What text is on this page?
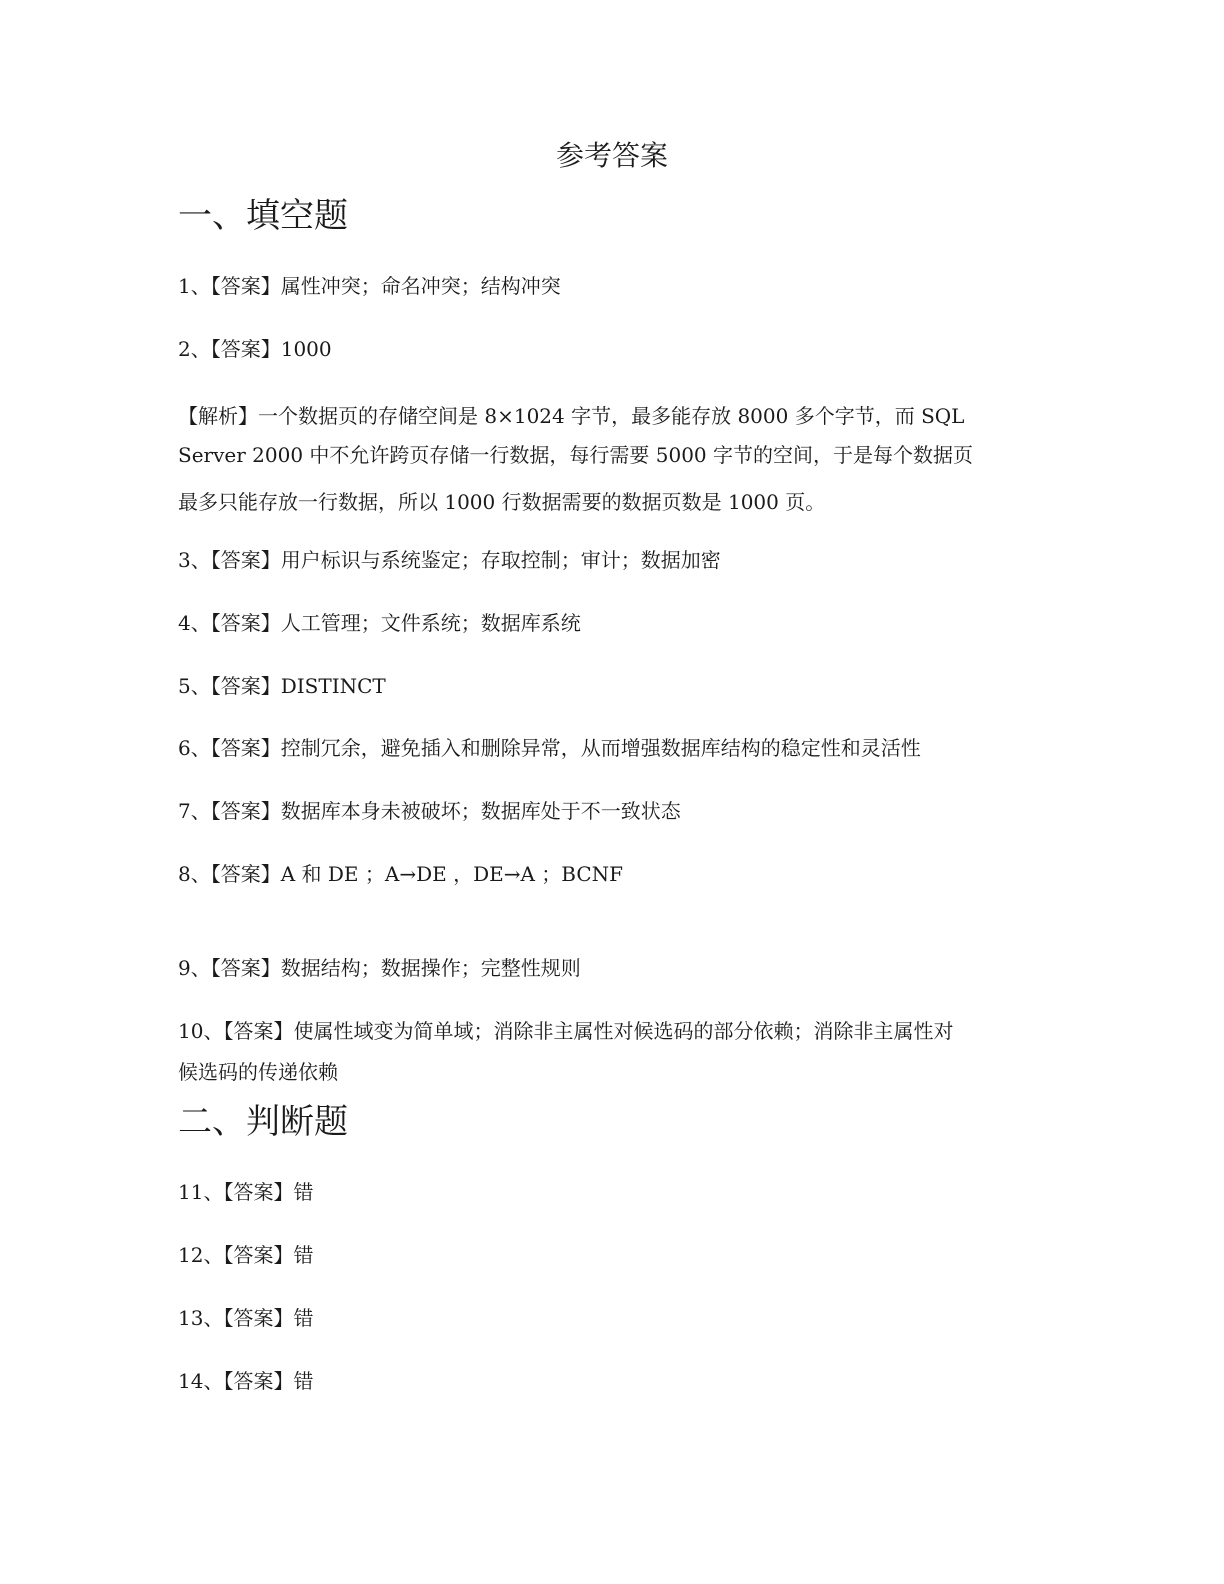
参考答案
一、填空题
1、【答案】属性冲突；命名冲突；结构冲突
2、【答案】1000
【解析】一个数据页的存储空间是 8×1024 字节，最多能存放 8000 多个字节，而 SQL
Server 2000 中不允许跨页存储一行数据，每行需要 5000 字节的空间，于是每个数据页
最多只能存放一行数据，所以 1000 行数据需要的数据页数是 1000 页。
3、【答案】用户标识与系统鉴定；存取控制；审计；数据加密
4、【答案】人工管理；文件系统；数据库系统
5、【答案】DISTINCT
6、【答案】控制冗余，避免插入和删除异常，从而增强数据库结构的稳定性和灵活性
7、【答案】数据库本身未被破坏；数据库处于不一致状态
8、【答案】A 和 DE ；A→DE ，DE→A ；BCNF
9、【答案】数据结构；数据操作；完整性规则
10、【答案】使属性域变为简单域；消除非主属性对候选码的部分依赖；消除非主属性对
候选码的传递依赖
二、判断题
11、【答案】错
12、【答案】错
13、【答案】错
14、【答案】错
